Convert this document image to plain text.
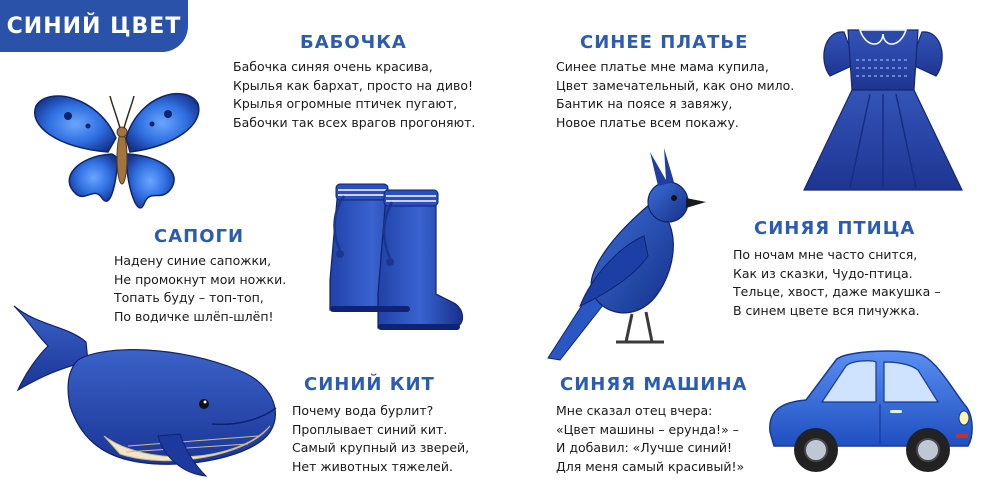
СИНИЙ ЦВЕТ
БАБОЧКА
Бабочка синяя очень красива,
Крылья как бархат, просто на диво!
Крылья огромные птичек пугают,
Бабочки так всех врагов прогоняют.
СИНЕЕ ПЛАТЬЕ
Синее платье мне мама купила,
Цвет замечательный, как оно мило.
Бантик на поясе я завяжу,
Новое платье всем покажу.
САПОГИ
Надену синие сапожки,
Не промокнут мои ножки.
Топать буду – топ-топ,
По водичке шлёп-шлёп!
СИНЯЯ ПТИЦА
По ночам мне часто снится,
Как из сказки, Чудо-птица.
Тельце, хвост, даже макушка –
В синем цвете вся пичужка.
СИНИЙ КИТ
Почему вода бурлит?
Проплывает синий кит.
Самый крупный из зверей,
Нет животных тяжелей.
СИНЯЯ МАШИНА
Мне сказал отец вчера:
«Цвет машины – ерунда!» –
И добавил: «Лучше синий!
Для меня самый красивый!»
